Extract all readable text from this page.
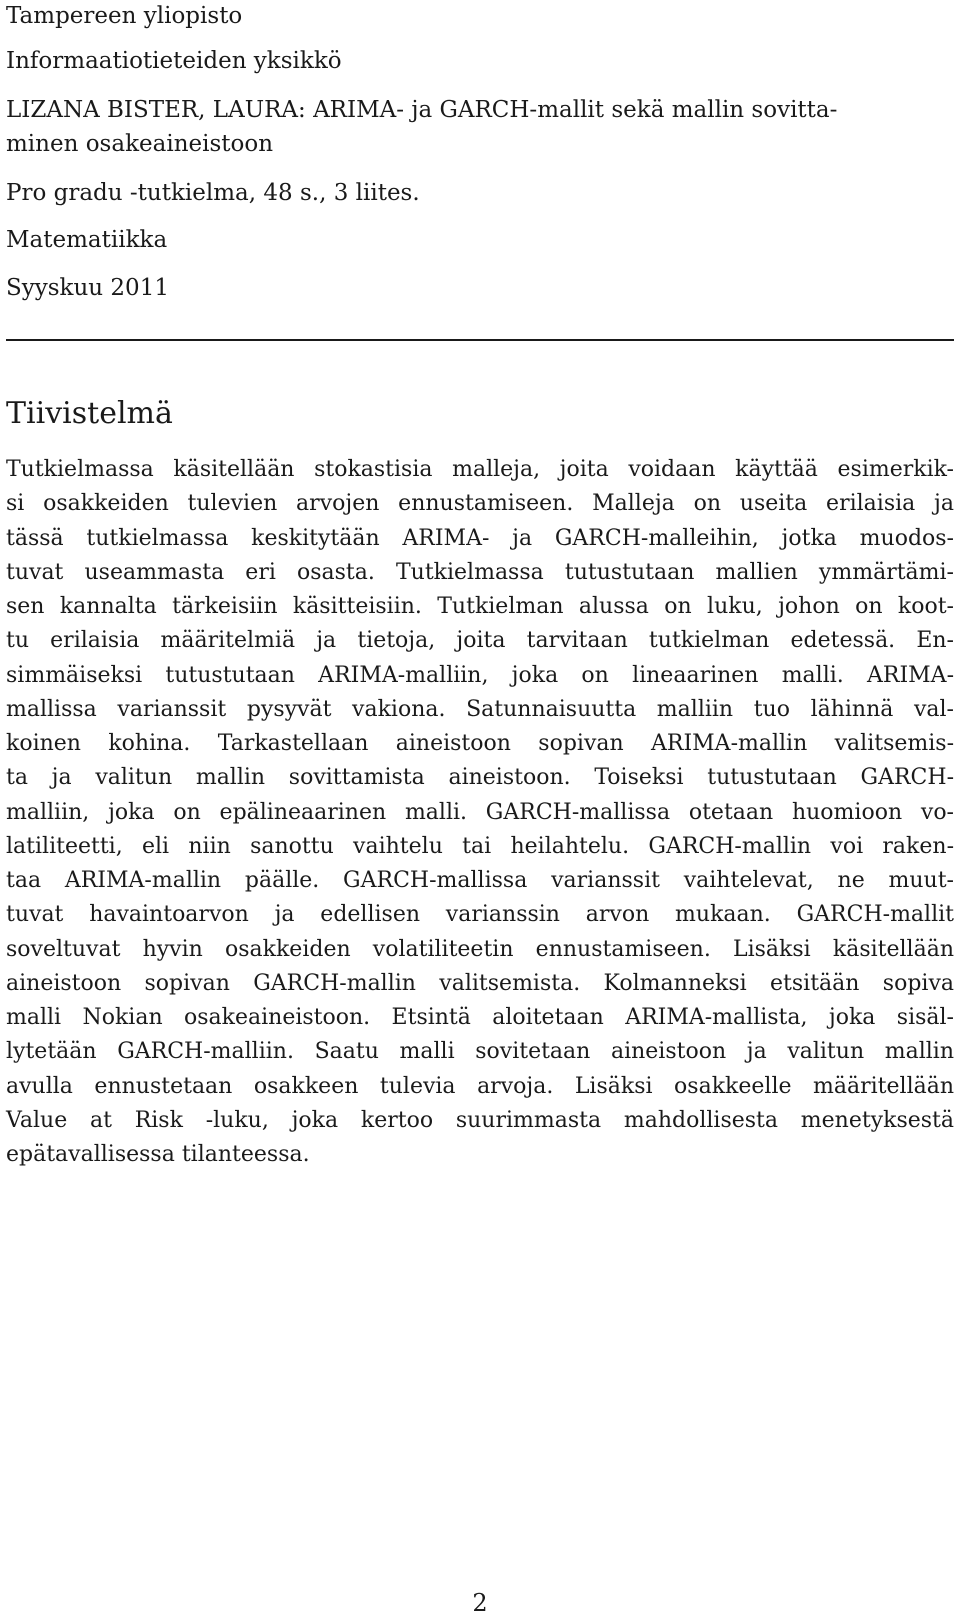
Tampereen yliopisto
Informaatiotieteiden yksikkö
LIZANA BISTER, LAURA: ARIMA- ja GARCH-mallit sekä mallin sovitta-
minen osakeaineistoon
Pro gradu -tutkielma, 48 s., 3 liites.
Matematiikka
Syyskuu 2011
Tiivistelmä
Tutkielmassa käsitellään stokastisia malleja, joita voidaan käyttää esimerkik-
si osakkeiden tulevien arvojen ennustamiseen. Malleja on useita erilaisia ja
tässä tutkielmassa keskitytään ARIMA- ja GARCH-malleihin, jotka muodos-
tuvat useammasta eri osasta. Tutkielmassa tutustutaan mallien ymmärtämi-
sen kannalta tärkeisiin käsitteisiin. Tutkielman alussa on luku, johon on koot-
tu erilaisia määritelmiä ja tietoja, joita tarvitaan tutkielman edetessä. En-
simmäiseksi tutustutaan ARIMA-malliin, joka on lineaarinen malli. ARIMA-
mallissa varianssit pysyvät vakiona. Satunnaisuutta malliin tuo lähinnä val-
koinen kohina. Tarkastellaan aineistoon sopivan ARIMA-mallin valitsemis-
ta ja valitun mallin sovittamista aineistoon. Toiseksi tutustutaan GARCH-
malliin, joka on epälineaarinen malli. GARCH-mallissa otetaan huomioon vo-
latiliteetti, eli niin sanottu vaihtelu tai heilahtelu. GARCH-mallin voi raken-
taa ARIMA-mallin päälle. GARCH-mallissa varianssit vaihtelevat, ne muut-
tuvat havaintoarvon ja edellisen varianssin arvon mukaan. GARCH-mallit
soveltuvat hyvin osakkeiden volatiliteetin ennustamiseen. Lisäksi käsitellään
aineistoon sopivan GARCH-mallin valitsemista. Kolmanneksi etsitään sopiva
malli Nokian osakeaineistoon. Etsintä aloitetaan ARIMA-mallista, joka sisäl-
lytetään GARCH-malliin. Saatu malli sovitetaan aineistoon ja valitun mallin
avulla ennustetaan osakkeen tulevia arvoja. Lisäksi osakkeelle määritellään
Value at Risk -luku, joka kertoo suurimmasta mahdollisesta menetyksestä
epätavallisessa tilanteessa.
2
